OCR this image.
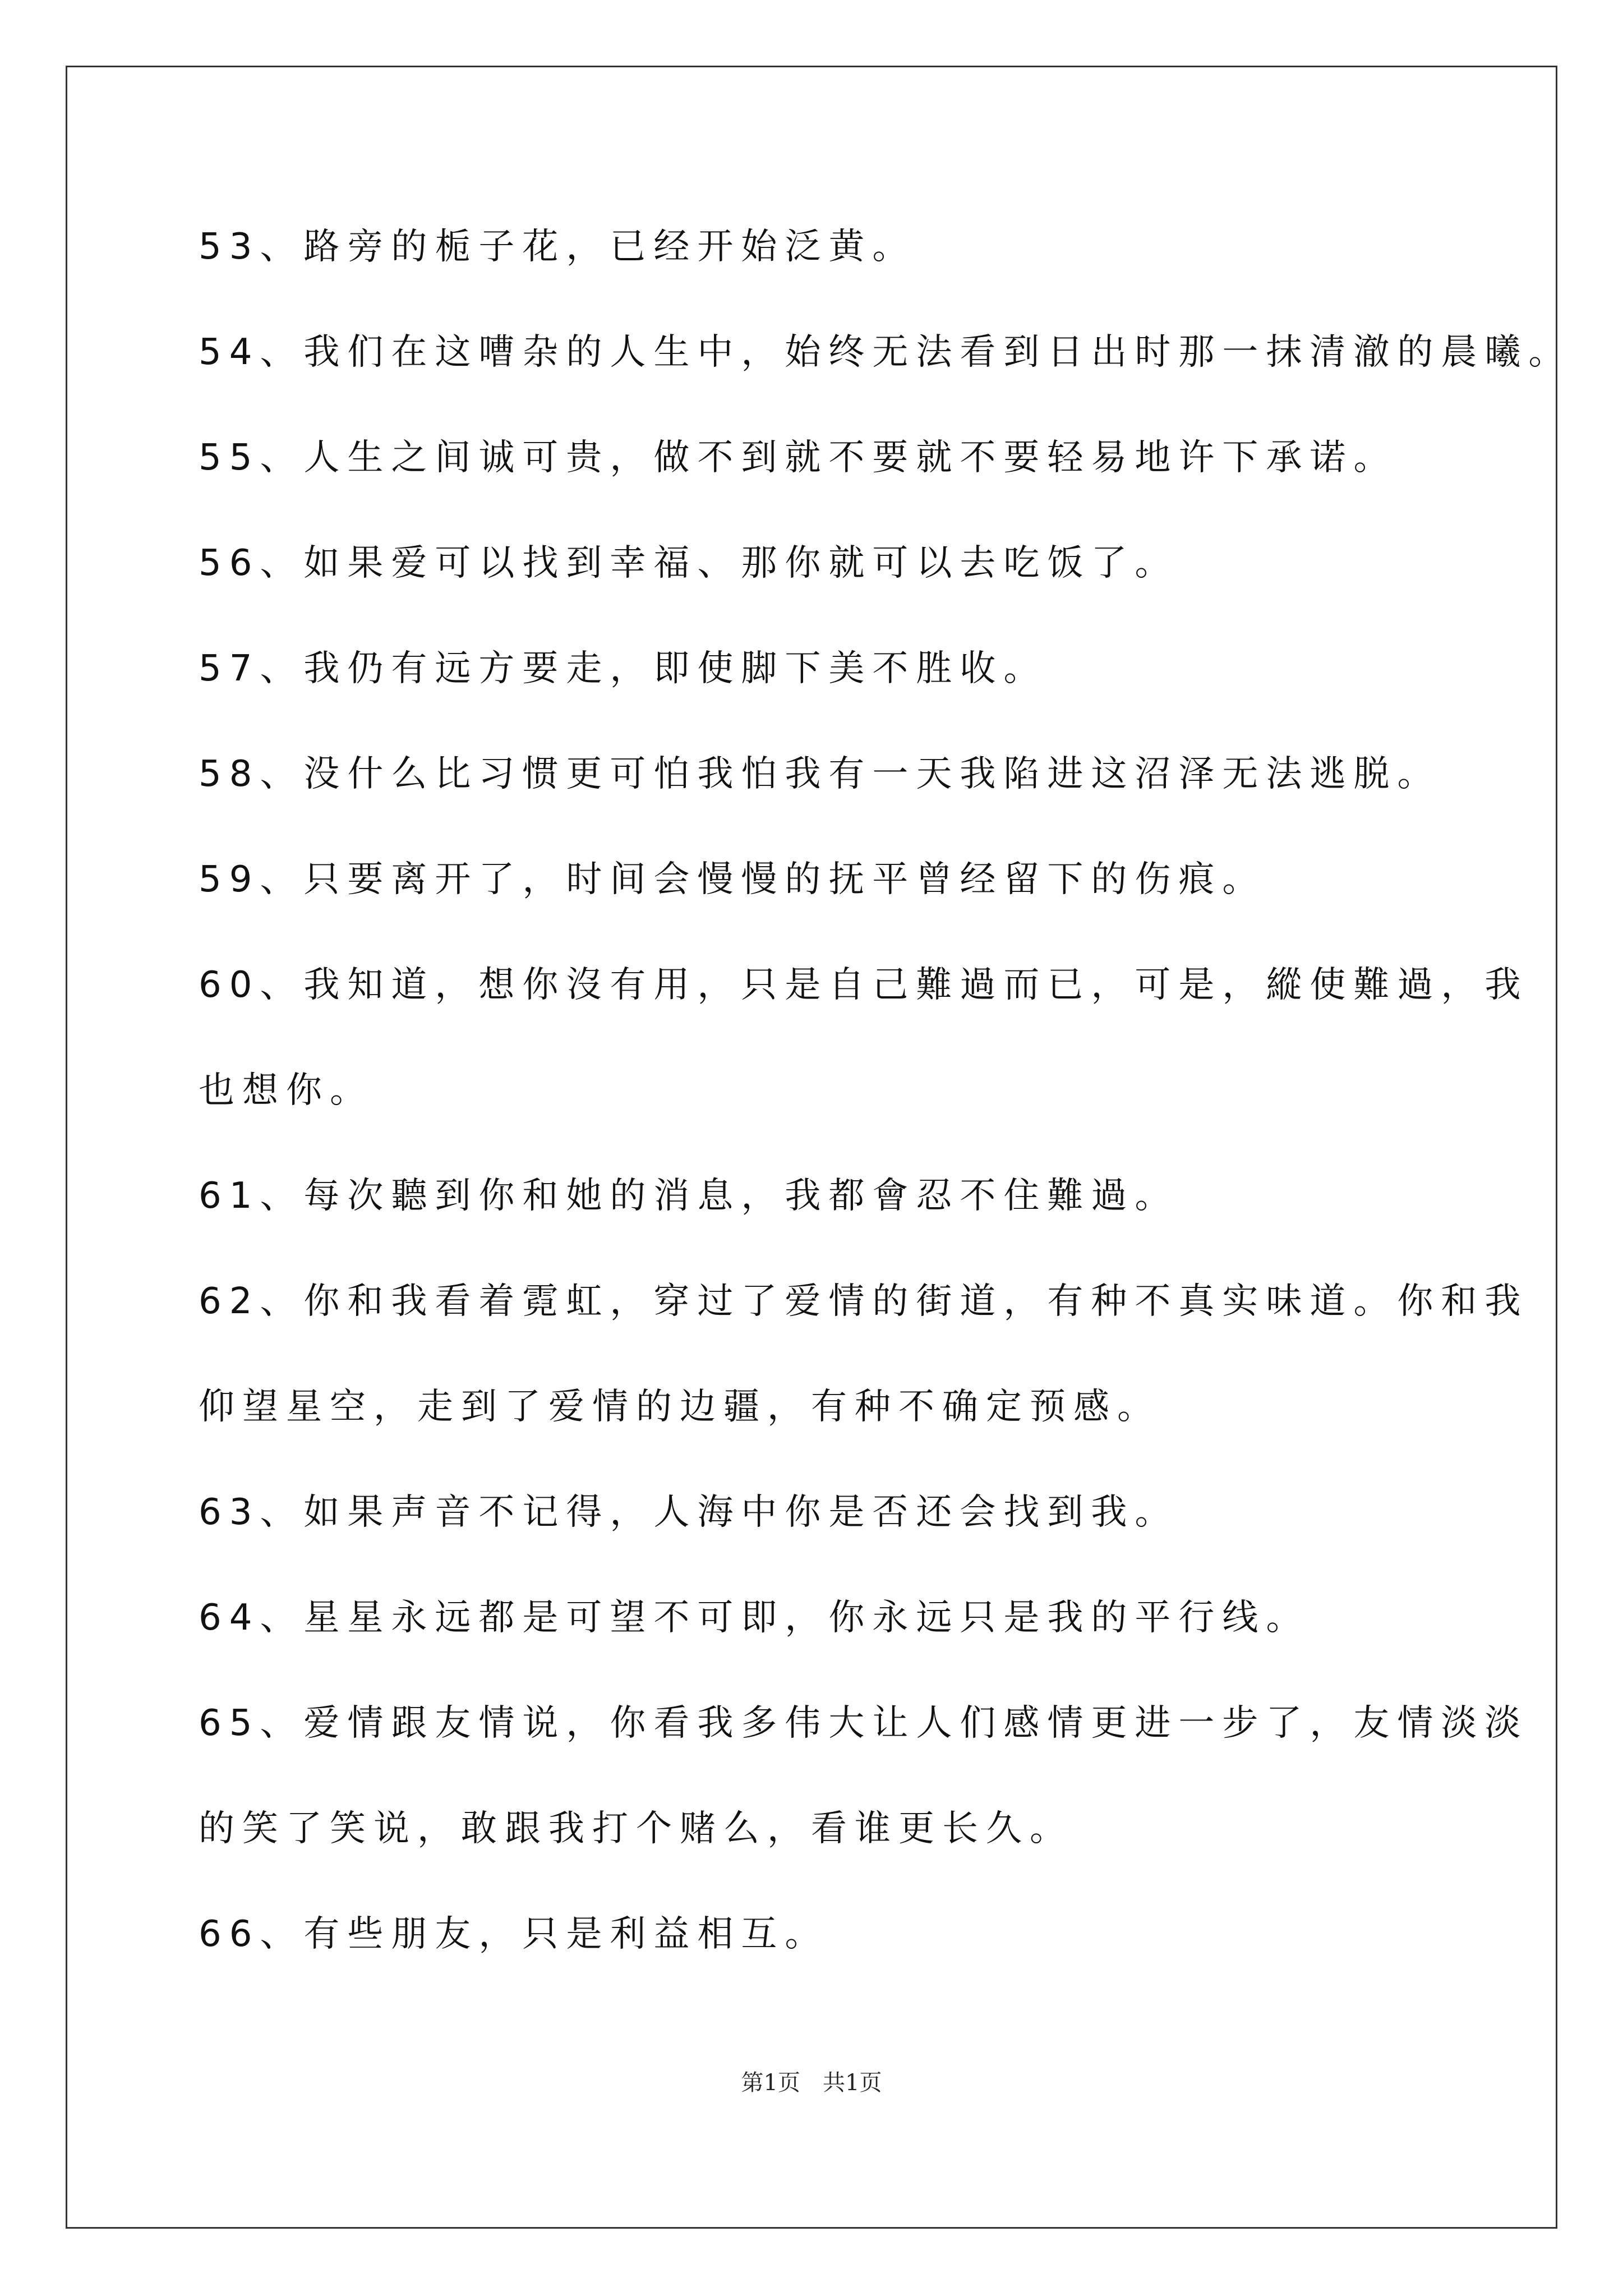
53、路旁的栀子花，已经开始泛黄。
54、我们在这嘈杂的人生中，始终无法看到日出时那一抹清澈的晨曦。
55、人生之间诚可贵，做不到就不要就不要轻易地许下承诺。
56、如果爱可以找到幸福、那你就可以去吃饭了。
57、我仍有远方要走，即使脚下美不胜收。
58、没什么比习惯更可怕我怕我有一天我陷进这沼泽无法逃脱。
59、只要离开了，时间会慢慢的抚平曾经留下的伤痕。
60、我知道，想你沒有用，只是自己難過而已，可是，縱使難過，我
也想你。
61、每次聽到你和她的消息，我都會忍不住難過。
62、你和我看着霓虹，穿过了爱情的街道，有种不真实味道。你和我
仰望星空，走到了爱情的边疆，有种不确定预感。
63、如果声音不记得，人海中你是否还会找到我。
64、星星永远都是可望不可即，你永远只是我的平行线。
65、爱情跟友情说，你看我多伟大让人们感情更进一步了，友情淡淡
的笑了笑说，敢跟我打个赌么，看谁更长久。
66、有些朋友，只是利益相互。
第1页　共1页
